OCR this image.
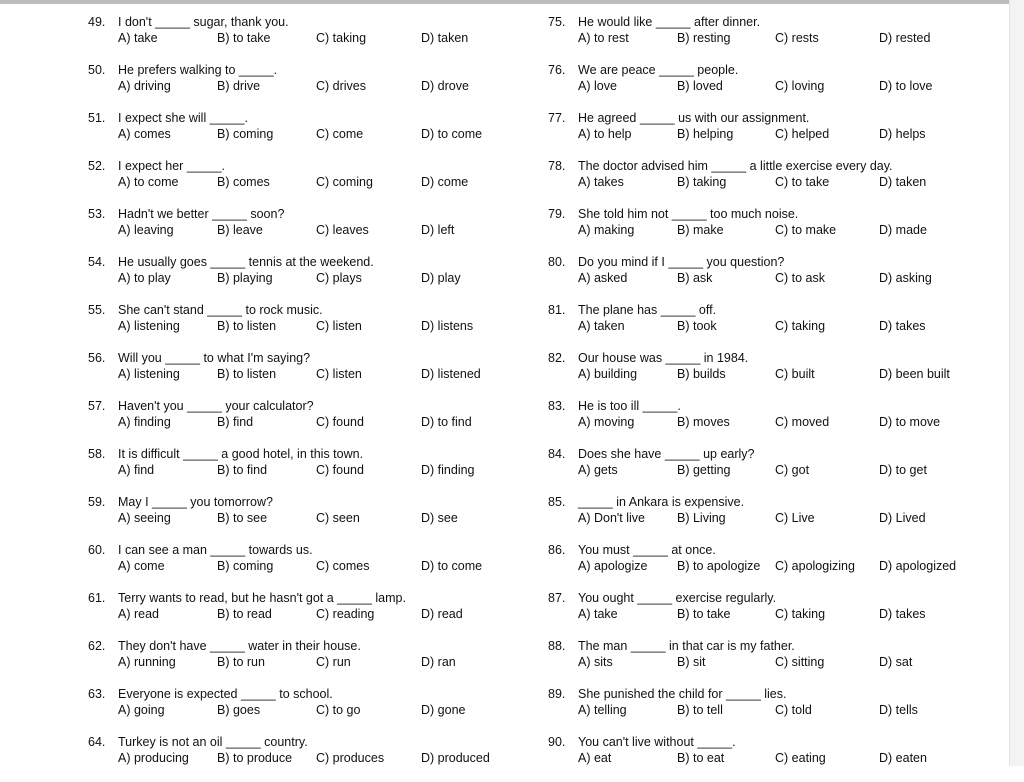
49. I don't _____ sugar, thank you.
A) take	B) to take	C) taking	D) taken
50. He prefers walking to _____.
A) driving	B) drive	C) drives	D) drove
51. I expect she will _____.
A) comes	B) coming	C) come	D) to come
52. I expect her _____.
A) to come	B) comes	C) coming	D) come
53. Hadn't we better _____ soon?
A) leaving	B) leave	C) leaves	D) left
54. He usually goes _____ tennis at the weekend.
A) to play	B) playing	C) plays	D) play
55. She can't stand _____ to rock music.
A) listening	B) to listen	C) listen	D) listens
56. Will you _____ to what I'm saying?
A) listening	B) to listen	C) listen	D) listened
57. Haven't you _____ your calculator?
A) finding	B) find	C) found	D) to find
58. It is difficult _____ a good hotel, in this town.
A) find	B) to find	C) found	D) finding
59. May I _____ you tomorrow?
A) seeing	B) to see	C) seen	D) see
60. I can see a man _____ towards us.
A) come	B) coming	C) comes	D) to come
61. Terry wants to read, but he hasn't got a _____ lamp.
A) read	B) to read	C) reading	D) read
62. They don't have _____ water in their house.
A) running	B) to run	C) run	D) ran
63. Everyone is expected _____ to school.
A) going	B) goes	C) to go	D) gone
64. Turkey is not an oil _____ country.
A) producing B) to produce C) produces	D) produced
75. He would like _____ after dinner.
A) to rest	B) resting	C) rests	D) rested
76. We are peace _____ people.
A) love	B) loved	C) loving	D) to love
77. He agreed _____ us with our assignment.
A) to help	B) helping	C) helped	D) helps
78. The doctor advised him _____ a little exercise every day.
A) takes	B) taking	C) to take	D) taken
79. She told him not _____ too much noise.
A) making	B) make	C) to make	D) made
80. Do you mind if I _____ you question?
A) asked	B) ask	C) to ask	D) asking
81. The plane has _____ off.
A) taken	B) took	C) taking	D) takes
82. Our house was _____ in 1984.
A) building	B) builds	C) built	D) been built
83. He is too ill _____.
A) moving	B) moves	C) moved	D) to move
84. Does she have _____ up early?
A) gets	B) getting	C) got	D) to get
85. _____ in Ankara is expensive.
A) Don't live	B) Living	C) Live	D) Lived
86. You must _____ at once.
A) apologize B) to apologize C) apologizing D) apologized
87. You ought _____ exercise regularly.
A) take	B) to take	C) taking	D) takes
88. The man _____ in that car is my father.
A) sits	B) sit	C) sitting	D) sat
89. She punished the child for _____ lies.
A) telling	B) to tell	C) told	D) tells
90. You can't live without _____.
A) eat	B) to eat	C) eating	D) eaten
